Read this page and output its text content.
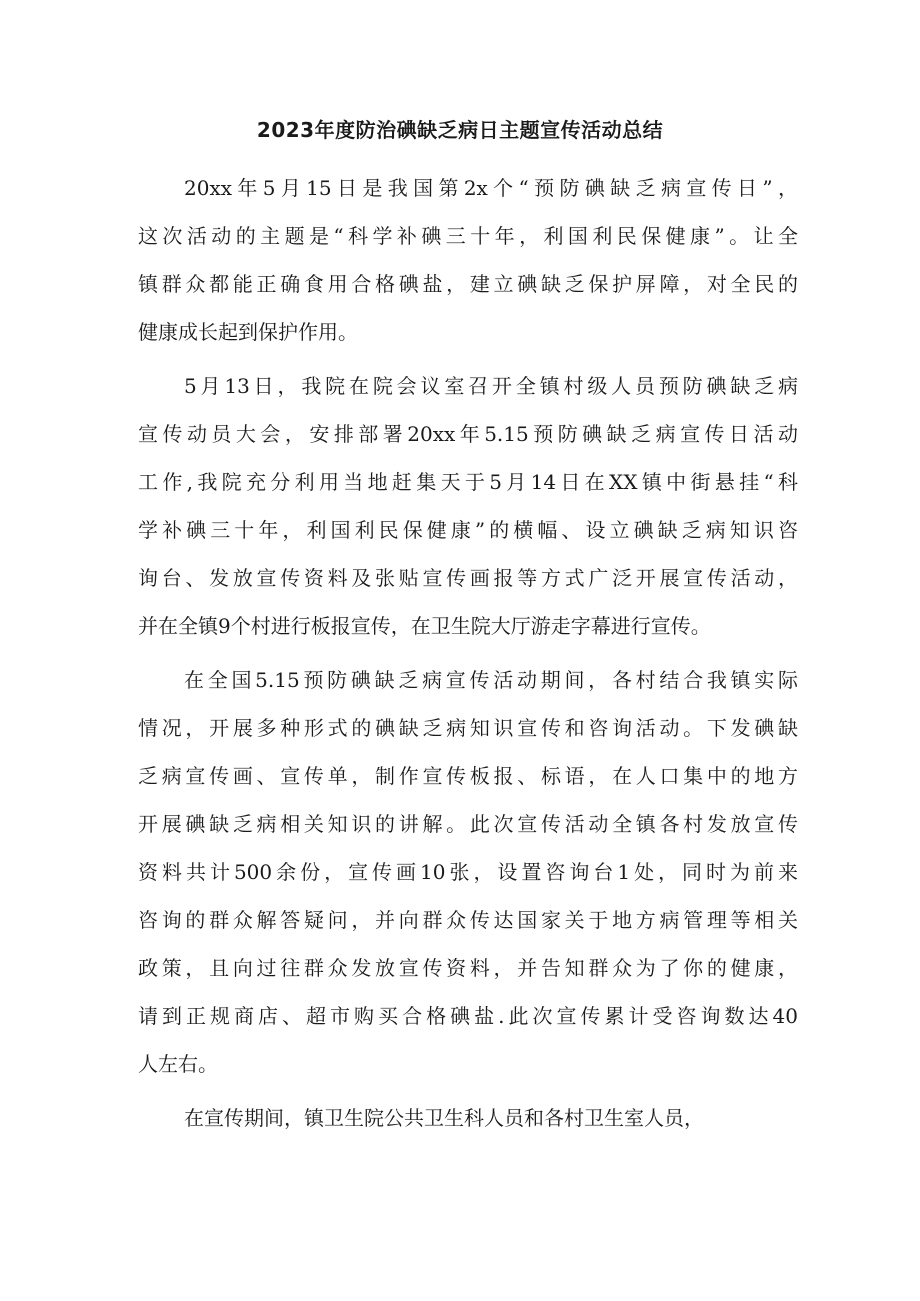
2023年度防治碘缺乏病日主题宣传活动总结
20xx年5月15日是我国第2x个“预防碘缺乏病宣传日”，
这次活动的主题是“科学补碘三十年，利国利民保健康”。让全
镇群众都能正确食用合格碘盐，建立碘缺乏保护屏障，对全民的
健康成长起到保护作用。
5月13日，我院在院会议室召开全镇村级人员预防碘缺乏病
宣传动员大会，安排部署20xx年5.15预防碘缺乏病宣传日活动
工作,我院充分利用当地赶集天于5月14日在XX镇中街悬挂“科
学补碘三十年，利国利民保健康”的横幅、设立碘缺乏病知识咨
询台、发放宣传资料及张贴宣传画报等方式广泛开展宣传活动，
并在全镇9个村进行板报宣传，在卫生院大厅游走字幕进行宣传。
在全国5.15预防碘缺乏病宣传活动期间，各村结合我镇实际
情况，开展多种形式的碘缺乏病知识宣传和咨询活动。下发碘缺
乏病宣传画、宣传单，制作宣传板报、标语，在人口集中的地方
开展碘缺乏病相关知识的讲解。此次宣传活动全镇各村发放宣传
资料共计500余份，宣传画10张，设置咨询台1处，同时为前来
咨询的群众解答疑问，并向群众传达国家关于地方病管理等相关
政策，且向过往群众发放宣传资料，并告知群众为了你的健康，
请到正规商店、超市购买合格碘盐.此次宣传累计受咨询数达40
人左右。
在宣传期间，镇卫生院公共卫生科人员和各村卫生室人员，
